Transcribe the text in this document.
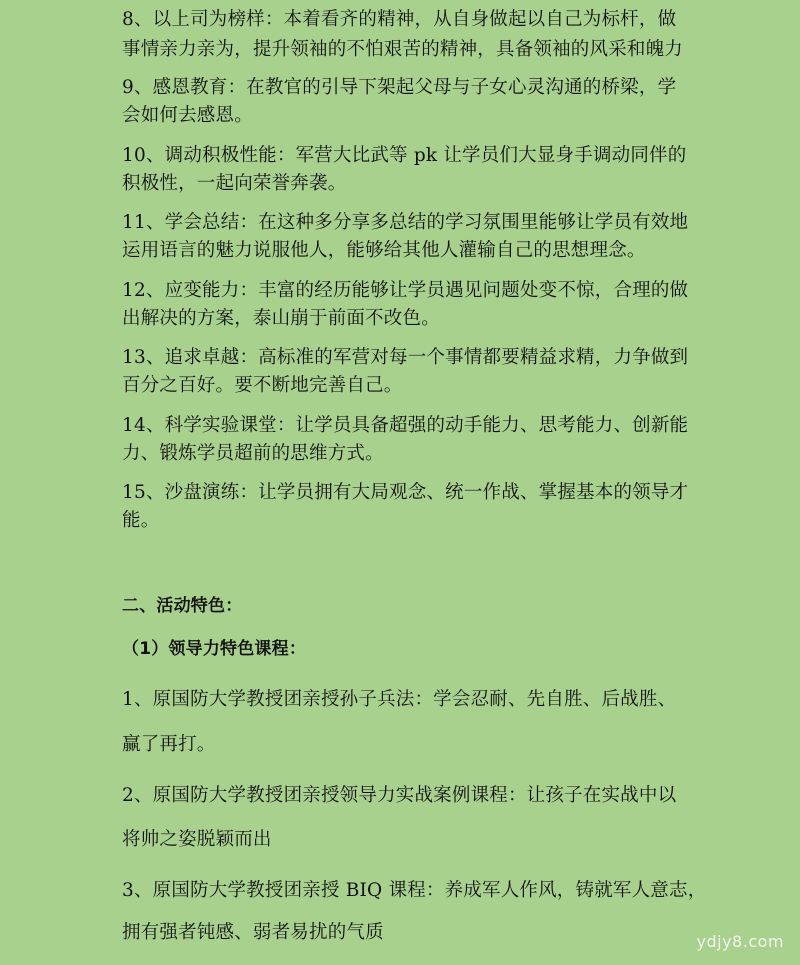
8、以上司为榜样：本着看齐的精神，从自身做起以自己为标杆，做
事情亲力亲为，提升领袖的不怕艰苦的精神，具备领袖的风采和魄力
9、感恩教育：在教官的引导下架起父母与子女心灵沟通的桥梁，学
会如何去感恩。
10、调动积极性能：军营大比武等 pk 让学员们大显身手调动同伴的
积极性，一起向荣誉奔袭。
11、学会总结：在这种多分享多总结的学习氛围里能够让学员有效地
运用语言的魅力说服他人，能够给其他人灌输自己的思想理念。
12、应变能力：丰富的经历能够让学员遇见问题处变不惊，合理的做
出解决的方案，泰山崩于前面不改色。
13、追求卓越：高标准的军营对每一个事情都要精益求精，力争做到
百分之百好。要不断地完善自己。
14、科学实验课堂：让学员具备超强的动手能力、思考能力、创新能
力、锻炼学员超前的思维方式。
15、沙盘演练：让学员拥有大局观念、统一作战、掌握基本的领导才
能。
二、活动特色：
（1）领导力特色课程：
1、原国防大学教授团亲授孙子兵法：学会忍耐、先自胜、后战胜、
赢了再打。
2、原国防大学教授团亲授领导力实战案例课程：让孩子在实战中以
将帅之姿脱颖而出
3、原国防大学教授团亲授 BIQ 课程：养成军人作风，铸就军人意志，
拥有强者钝感、弱者易扰的气质	ydjy8.com
